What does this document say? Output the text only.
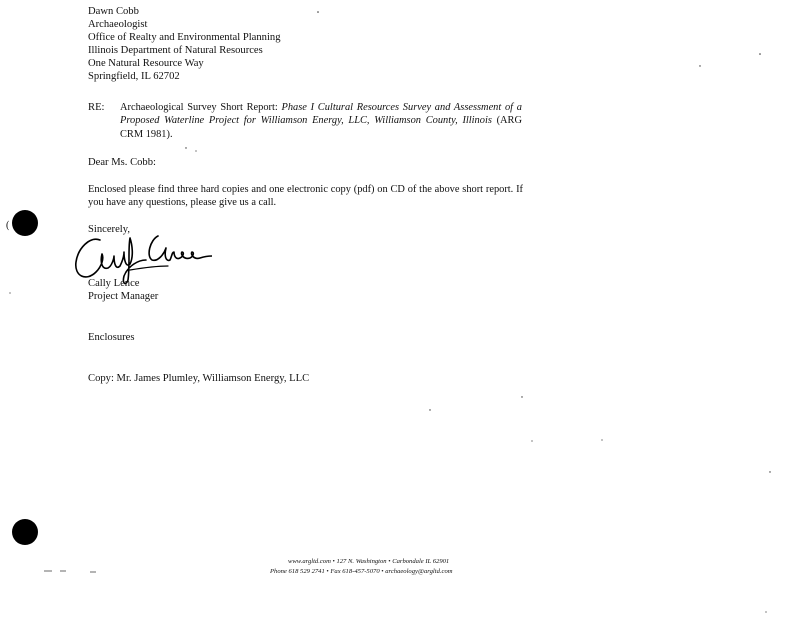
Dawn Cobb
Archaeologist
Office of Realty and Environmental Planning
Illinois Department of Natural Resources
One Natural Resource Way
Springfield, IL 62702
RE: Archaeological Survey Short Report: Phase I Cultural Resources Survey and Assessment of a Proposed Waterline Project for Williamson Energy, LLC, Williamson County, Illinois (ARG CRM 1981).
Dear Ms. Cobb:
Enclosed please find three hard copies and one electronic copy (pdf) on CD of the above short report. If you have any questions, please give us a call.
Sincerely,
Cally Lence
Project Manager
Enclosures
Copy: Mr. James Plumley, Williamson Energy, LLC
www.argltd.com • 127 N. Washington • Carbondale IL 62901
Phone 618 529 2741 • Fax 618-457-5070 • archaeology@argltd.com
(
